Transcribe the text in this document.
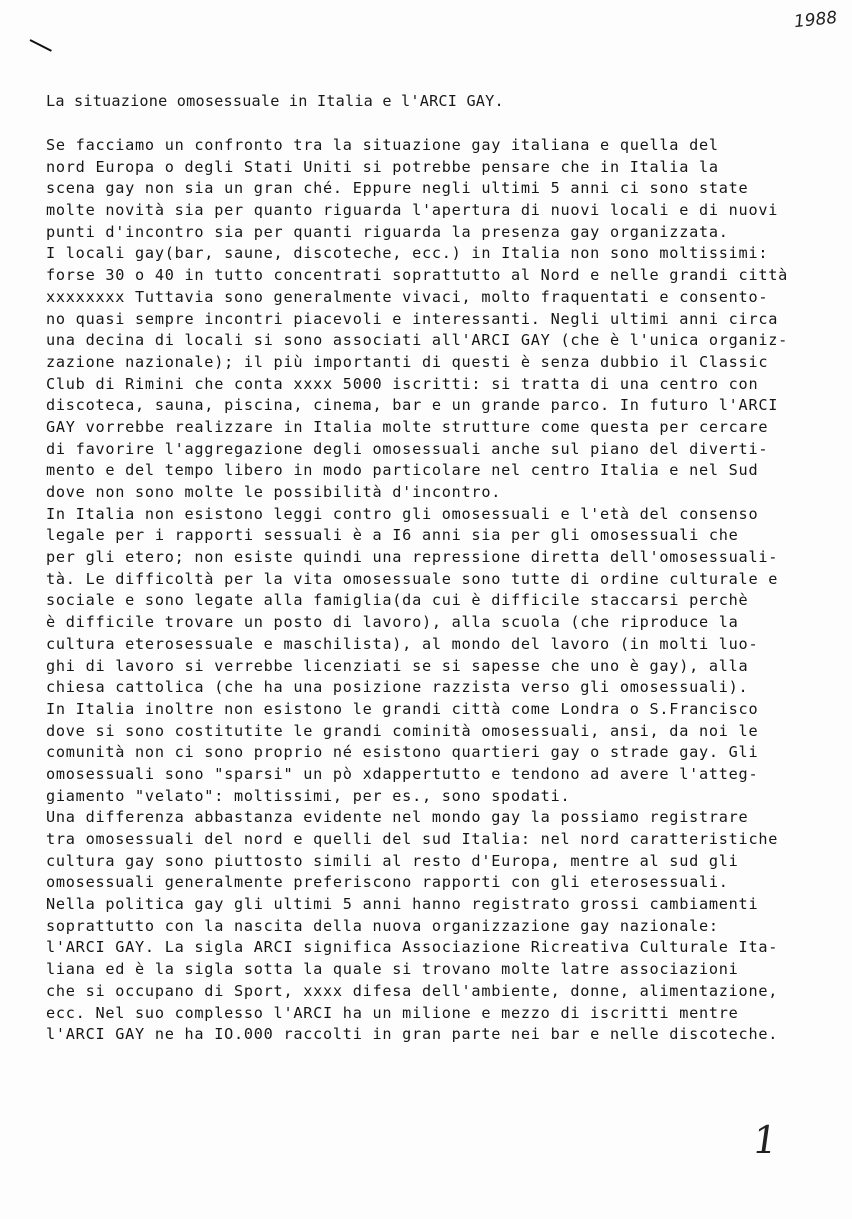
1988
La situazione omosessuale in Italia e l'ARCI GAY.
Se facciamo un confronto tra la situazione gay italiana e quella del
nord Europa o degli Stati Uniti si potrebbe pensare che in Italia la
scena gay non sia un gran ché. Eppure negli ultimi 5 anni ci sono state
molte novità sia per quanto riguarda l'apertura di nuovi locali e di nuovi
punti d'incontro sia per quanti riguarda la presenza gay organizzata.
I locali gay(bar, saune, discoteche, ecc.) in Italia non sono moltissimi:
forse 30 o 40 in tutto concentrati soprattutto al Nord e nelle grandi città
xxxxxxxx Tuttavia sono generalmente vivaci, molto fraquentati e consento-
no quasi sempre incontri piacevoli e interessanti. Negli ultimi anni circa
una decina di locali si sono associati all'ARCI GAY (che è l'unica organiz-
zazione nazionale); il più importanti di questi è senza dubbio il Classic
Club di Rimini che conta xxxx 5000 iscritti: si tratta di una centro con
discoteca, sauna, piscina, cinema, bar e un grande parco. In futuro l'ARCI
GAY vorrebbe realizzare in Italia molte strutture come questa per cercare
di favorire l'aggregazione degli omosessuali anche sul piano del diverti-
mento e del tempo libero in modo particolare nel centro Italia e nel Sud
dove non sono molte le possibilità d'incontro.
In Italia non esistono leggi contro gli omosessuali e l'età del consenso
legale per i rapporti sessuali è a I6 anni sia per gli omosessuali che
per gli etero; non esiste quindi una repressione diretta dell'omosessuali-
tà. Le difficoltà per la vita omosessuale sono tutte di ordine culturale e
sociale e sono legate alla famiglia(da cui è difficile staccarsi perchè
è difficile trovare un posto di lavoro), alla scuola (che riproduce la
cultura eterosessuale e maschilista), al mondo del lavoro (in molti luo-
ghi di lavoro si verrebbe licenziati se si sapesse che uno è gay), alla
chiesa cattolica (che ha una posizione razzista verso gli omosessuali).
In Italia inoltre non esistono le grandi città come Londra o S.Francisco
dove si sono costitutite le grandi cominità omosessuali, ansi, da noi le
comunità non ci sono proprio né esistono quartieri gay o strade gay. Gli
omosessuali sono "sparsi" un pò xdappertutto e tendono ad avere l'atteg-
giamento "velato": moltissimi, per es., sono spodati.
Una differenza abbastanza evidente nel mondo gay la possiamo registrare
tra omosessuali del nord e quelli del sud Italia: nel nord caratteristiche
cultura gay sono piuttosto simili al resto d'Europa, mentre al sud gli
omosessuali generalmente preferiscono rapporti con gli eterosessuali.
Nella politica gay gli ultimi 5 anni hanno registrato grossi cambiamenti
soprattutto con la nascita della nuova organizzazione gay nazionale:
l'ARCI GAY. La sigla ARCI significa Associazione Ricreativa Culturale Ita-
liana ed è la sigla sotta la quale si trovano molte latre associazioni
che si occupano di Sport, xxxx difesa dell'ambiente, donne, alimentazione,
ecc. Nel suo complesso l'ARCI ha un milione e mezzo di iscritti mentre
l'ARCI GAY ne ha IO.000 raccolti in gran parte nei bar e nelle discoteche.
1
